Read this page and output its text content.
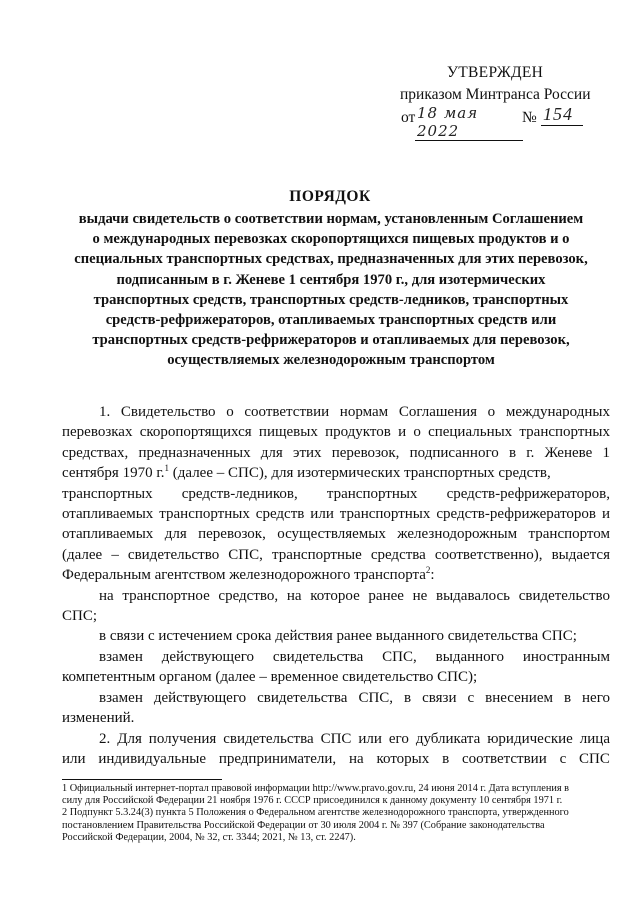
УТВЕРЖДЕН
приказом Минтранса России
от 18 мая 2022
№ 154
ПОРЯДОК
выдачи свидетельств о соответствии нормам, установленным Соглашением
о международных перевозках скоропортящихся пищевых продуктов и о
специальных транспортных средствах, предназначенных для этих перевозок,
подписанным в г. Женеве 1 сентября 1970 г., для изотермических
транспортных средств, транспортных средств-ледников, транспортных
средств-рефрижераторов, отапливаемых транспортных средств или
транспортных средств-рефрижераторов и отапливаемых для перевозок,
осуществляемых железнодорожным транспортом
1. Свидетельство о соответствии нормам Соглашения о международных
перевозках скоропортящихся пищевых продуктов и о специальных транспортных
средствах, предназначенных для этих перевозок, подписанного в г. Женеве 1
сентября 1970 г.$^1$ (далее – СПС), для изотермических транспортных средств,
транспортных средств-ледников, транспортных средств-рефрижераторов,
отапливаемых транспортных средств или транспортных средств-рефрижераторов и
отапливаемых для перевозок, осуществляемых железнодорожным транспортом
(далее – свидетельство СПС, транспортные средства соответственно), выдается
Федеральным агентством железнодорожного транспорта$^2$:
на транспортное средство, на которое ранее не выдавалось свидетельство
СПС;
в связи с истечением срока действия ранее выданного свидетельства СПС;
взамен действующего свидетельства СПС, выданного иностранным
компетентным органом (далее – временное свидетельство СПС);
взамен действующего свидетельства СПС, в связи с внесением в него
изменений.
2. Для получения свидетельства СПС или его дубликата юридические лица
или индивидуальные предприниматели, на которых в соответствии с СПС
1 Официальный интернет-портал правовой информации http://www.pravo.gov.ru, 24 июня 2014 г. Дата вступления в
силу для Российской Федерации 21 ноября 1976 г. СССР присоединился к данному документу 10 сентября 1971 г.
2 Подпункт 5.3.24(3) пункта 5 Положения о Федеральном агентстве железнодорожного транспорта, утвержденного
постановлением Правительства Российской Федерации от 30 июля 2004 г. № 397 (Собрание законодательства
Российской Федерации, 2004, № 32, ст. 3344; 2021, № 13, ст. 2247).
